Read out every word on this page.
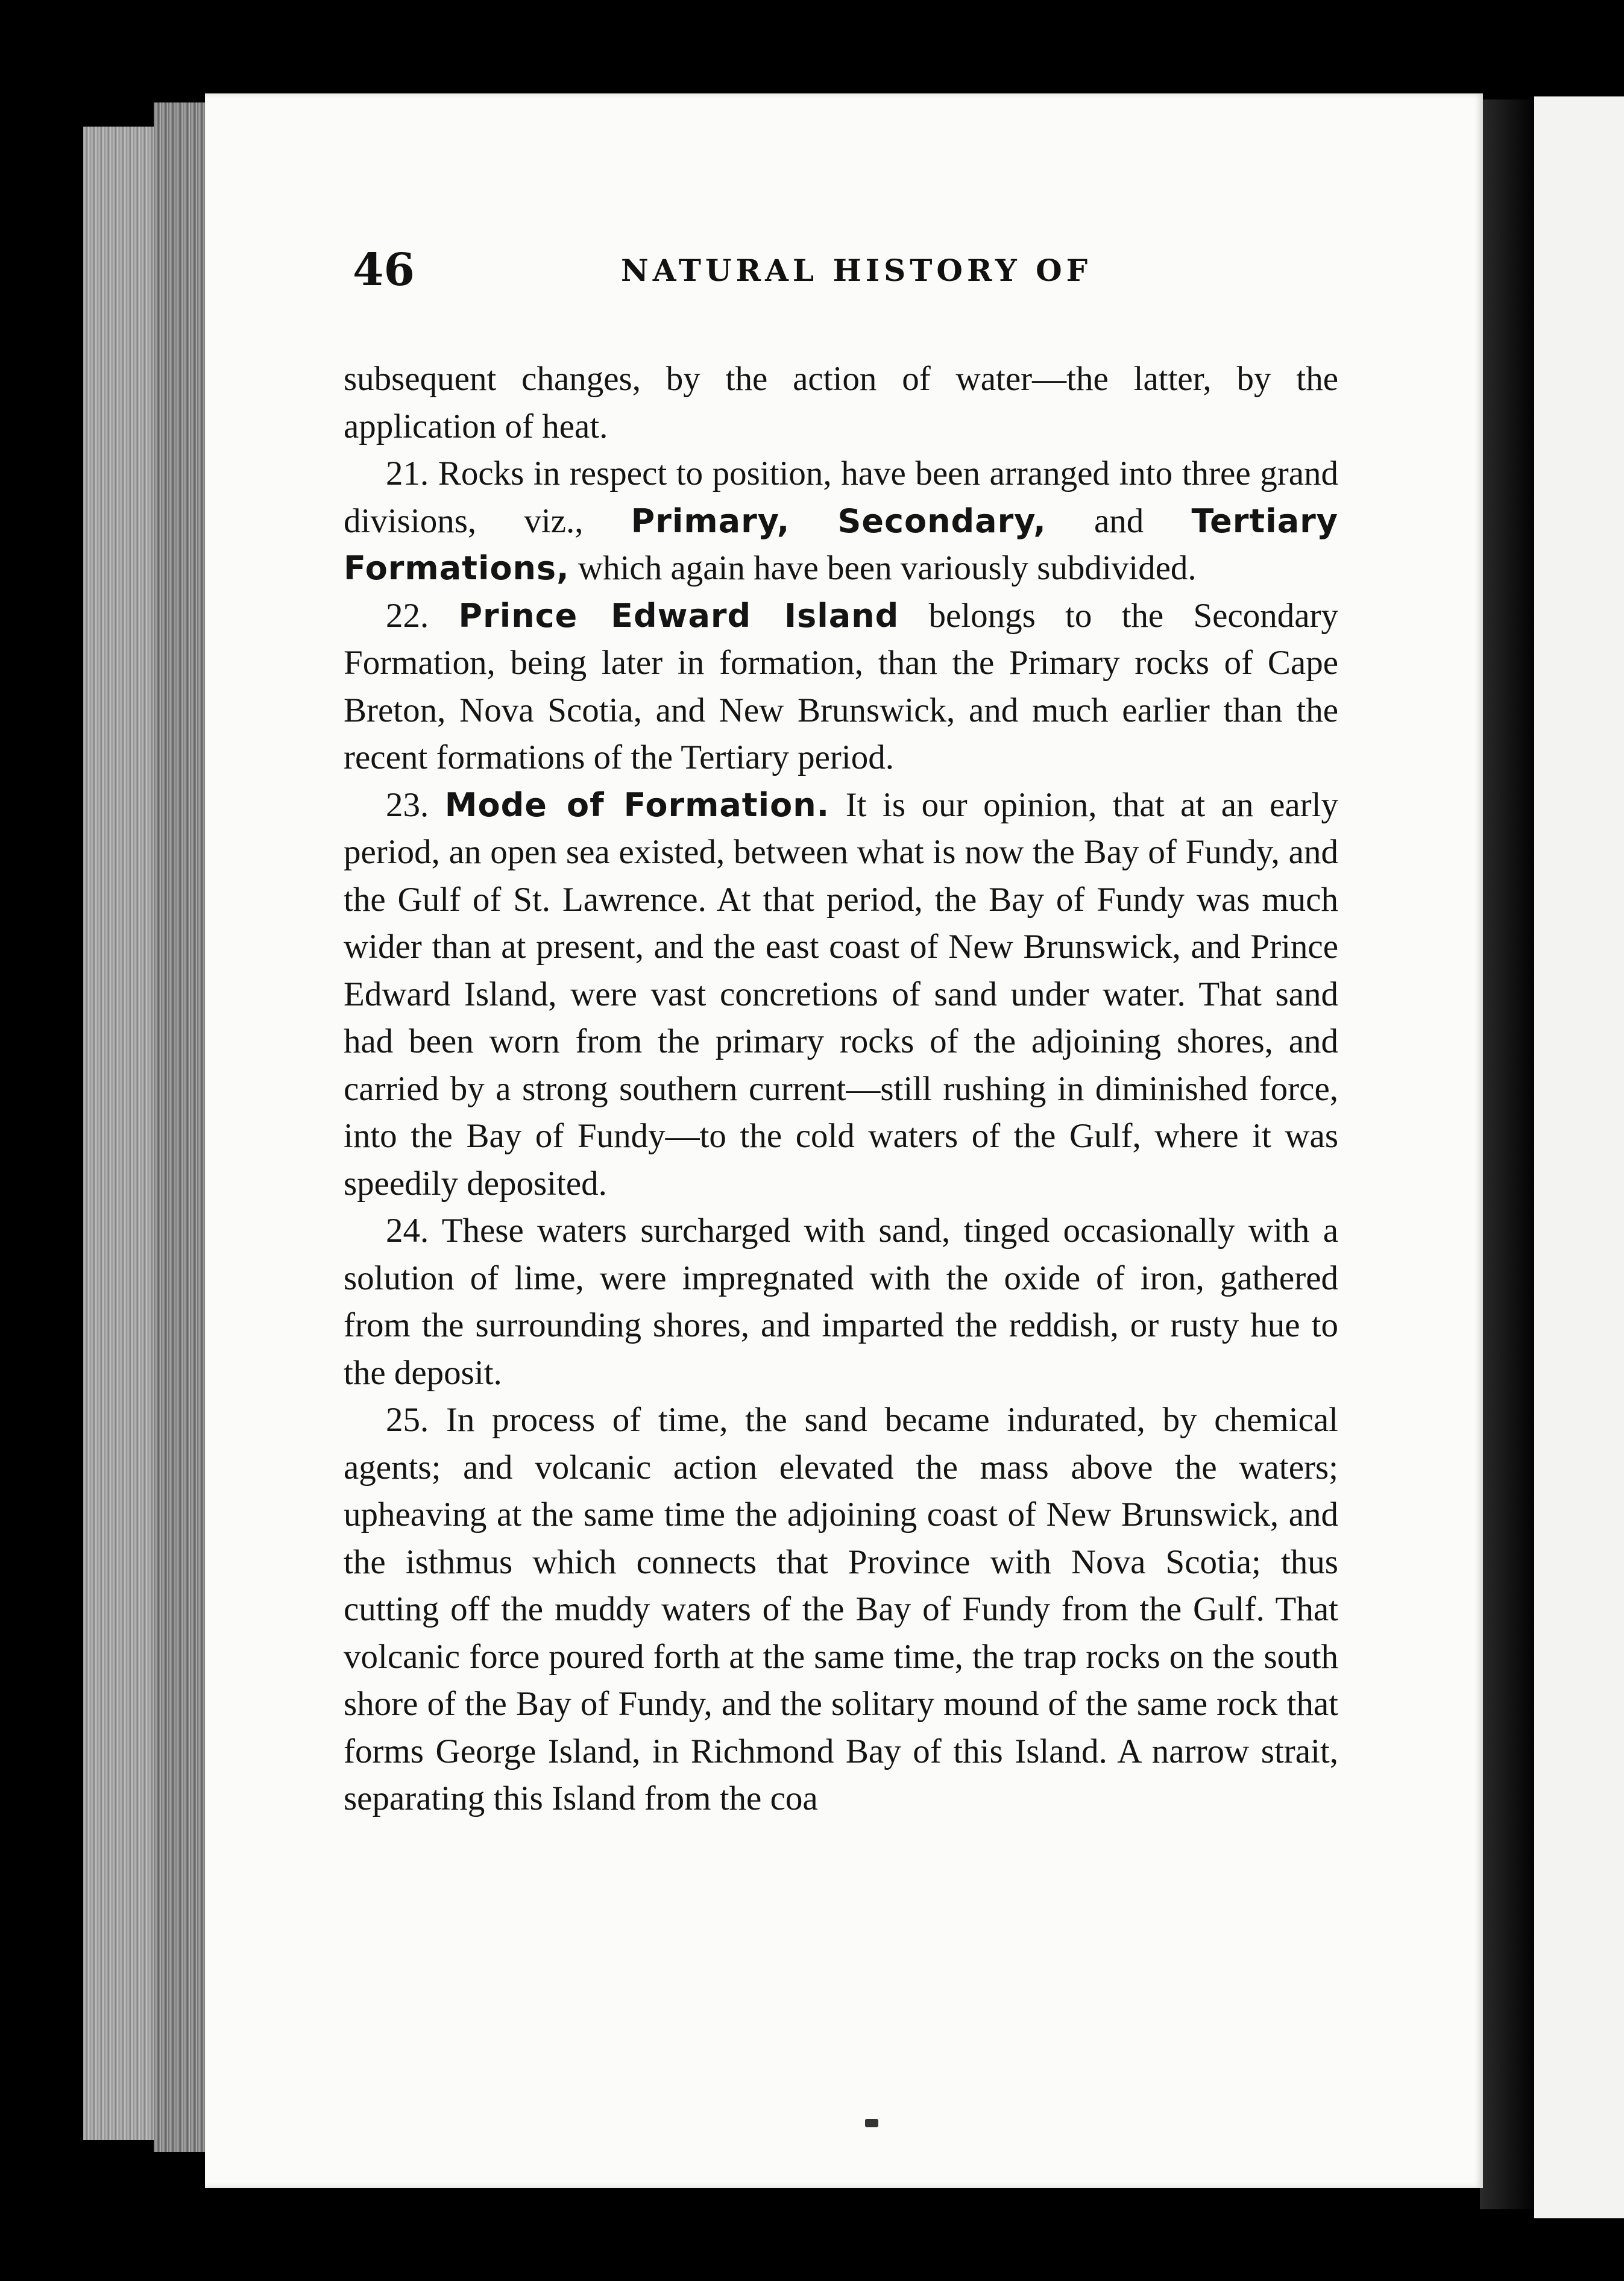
46	NATURAL HISTORY OF

subsequent changes, by the action of water—the latter, by the application of heat.

21. Rocks in respect to position, have been arranged into three grand divisions, viz., Primary, Secondary, and Tertiary Formations, which again have been variously subdivided.

22. Prince Edward Island belongs to the Secondary Formation, being later in formation, than the Primary rocks of Cape Breton, Nova Scotia, and New Brunswick, and much earlier than the recent formations of the Tertiary period.

23. Mode of Formation. It is our opinion, that at an early period, an open sea existed, between what is now the Bay of Fundy, and the Gulf of St. Lawrence. At that period, the Bay of Fundy was much wider than at present, and the east coast of New Brunswick, and Prince Edward Island, were vast concretions of sand under water. That sand had been worn from the primary rocks of the adjoining shores, and carried by a strong southern current—still rushing in diminished force, into the Bay of Fundy—to the cold waters of the Gulf, where it was speedily deposited.

24. These waters surcharged with sand, tinged occasionally with a solution of lime, were impregnated with the oxide of iron, gathered from the surrounding shores, and imparted the reddish, or rusty hue to the deposit.

25. In process of time, the sand became indurated, by chemical agents; and volcanic action elevated the mass above the waters; upheaving at the same time the adjoining coast of New Brunswick, and the isthmus which connects that Province with Nova Scotia; thus cutting off the muddy waters of the Bay of Fundy from the Gulf. That volcanic force poured forth at the same time, the trap rocks on the south shore of the Bay of Fundy, and the solitary mound of the same rock that forms George Island, in Richmond Bay of this Island. A narrow strait, separating this Island from the coa
